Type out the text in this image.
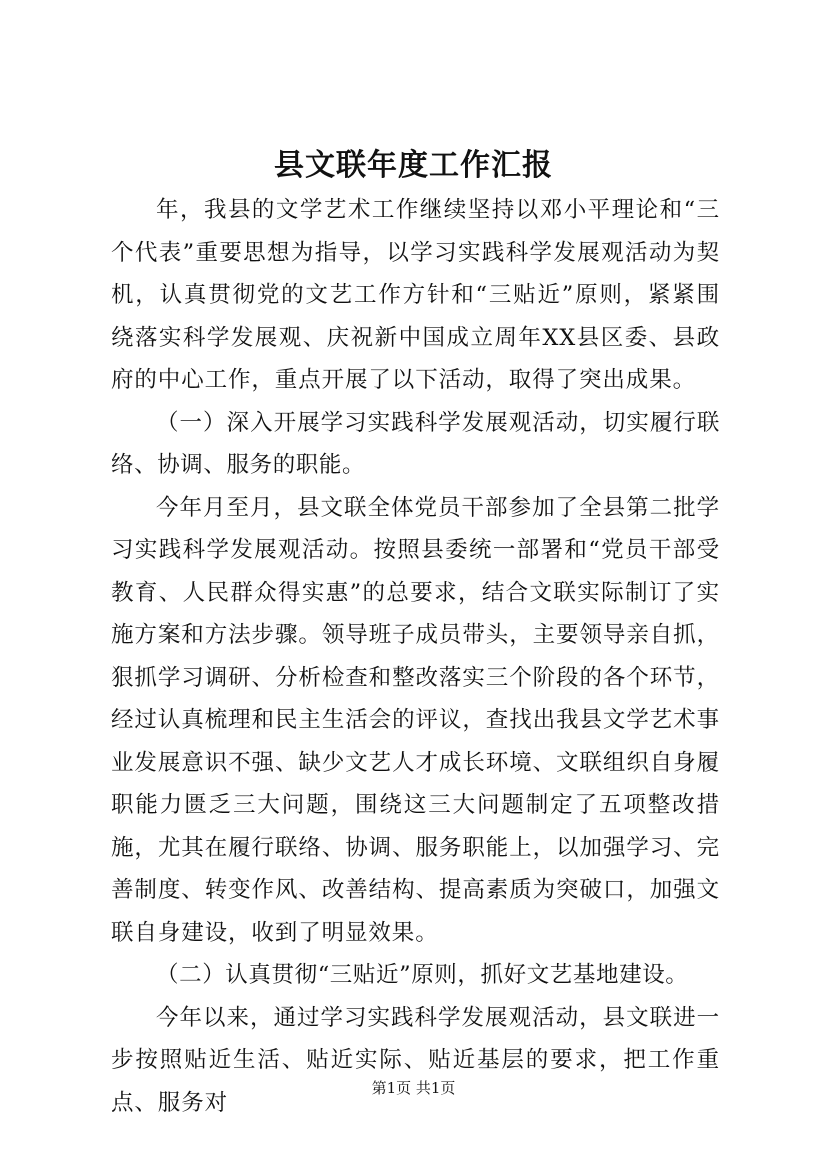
县文联年度工作汇报

年，我县的文学艺术工作继续坚持以邓小平理论和“三个代表”重要思想为指导，以学习实践科学发展观活动为契机，认真贯彻党的文艺工作方针和“三贴近”原则，紧紧围绕落实科学发展观、庆祝新中国成立周年XX县区委、县政府的中心工作，重点开展了以下活动，取得了突出成果。

（一）深入开展学习实践科学发展观活动，切实履行联络、协调、服务的职能。

今年月至月，县文联全体党员干部参加了全县第二批学习实践科学发展观活动。按照县委统一部署和“党员干部受教育、人民群众得实惠”的总要求，结合文联实际制订了实施方案和方法步骤。领导班子成员带头，主要领导亲自抓，狠抓学习调研、分析检查和整改落实三个阶段的各个环节，经过认真梳理和民主生活会的评议，查找出我县文学艺术事业发展意识不强、缺少文艺人才成长环境、文联组织自身履职能力匮乏三大问题，围绕这三大问题制定了五项整改措施，尤其在履行联络、协调、服务职能上，以加强学习、完善制度、转变作风、改善结构、提高素质为突破口，加强文联自身建设，收到了明显效果。

（二）认真贯彻“三贴近”原则，抓好文艺基地建设。

今年以来，通过学习实践科学发展观活动，县文联进一步按照贴近生活、贴近实际、贴近基层的要求，把工作重点、服务对

第1页 共1页
